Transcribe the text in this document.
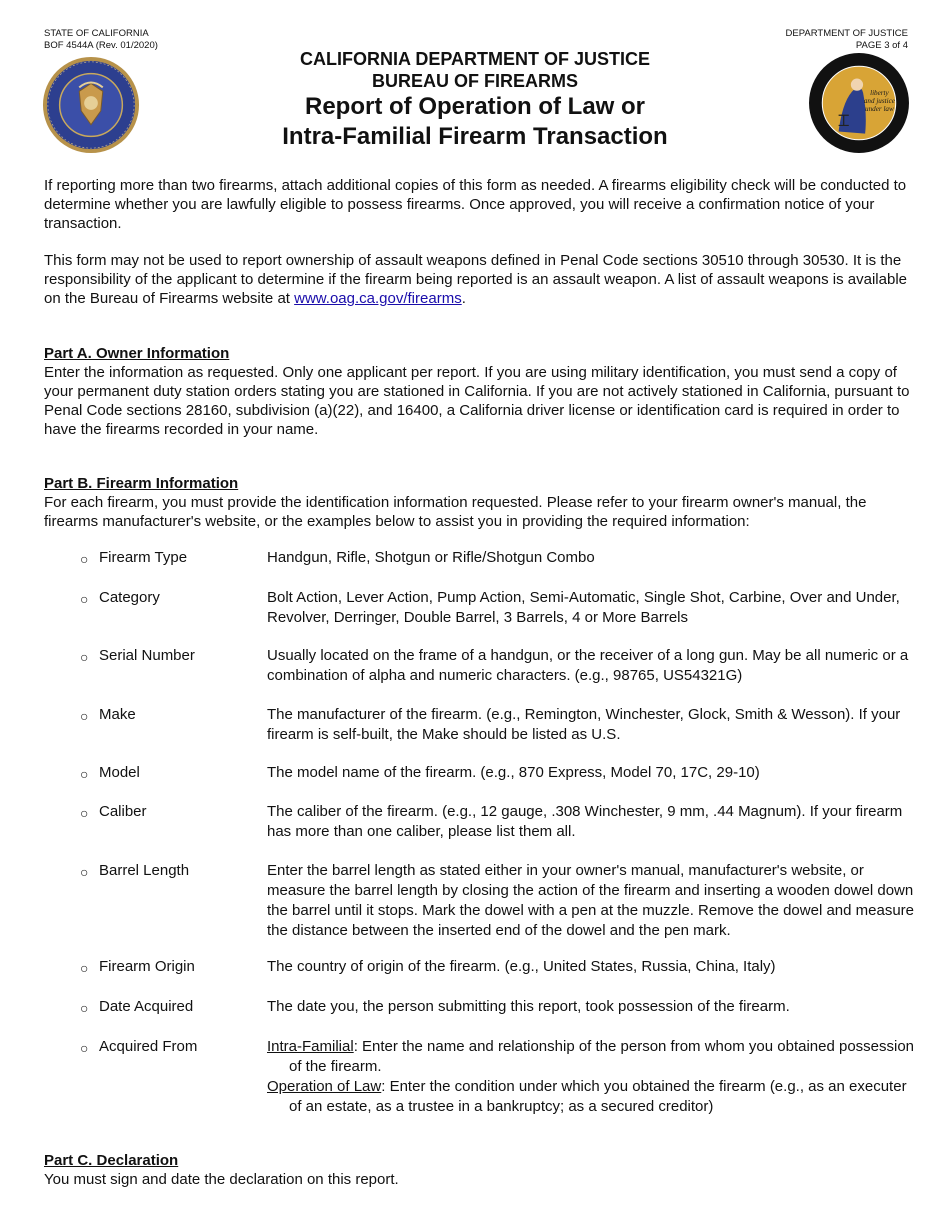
STATE OF CALIFORNIA
BOF 4544A (Rev. 01/2020)
DEPARTMENT OF JUSTICE
PAGE 3 of 4
CALIFORNIA DEPARTMENT OF JUSTICE
BUREAU OF FIREARMS
Report of Operation of Law or
Intra-Familial Firearm Transaction
liberty
and justice
under law

If reporting more than two firearms, attach additional copies of this form as needed. A firearms eligibility check will be conducted to determine whether you are lawfully eligible to possess firearms. Once approved, you will receive a confirmation notice of your transaction.

This form may not be used to report ownership of assault weapons defined in Penal Code sections 30510 through 30530. It is the responsibility of the applicant to determine if the firearm being reported is an assault weapon. A list of assault weapons is available on the Bureau of Firearms website at www.oag.ca.gov/firearms.

Part A. Owner Information
Enter the information as requested. Only one applicant per report. If you are using military identification, you must send a copy of your permanent duty station orders stating you are stationed in California. If you are not actively stationed in California, pursuant to Penal Code sections 28160, subdivision (a)(22), and 16400, a California driver license or identification card is required in order to have the firearms recorded in your name.
Part B. Firearm Information
For each firearm, you must provide the identification information requested. Please refer to your firearm owner's manual, the firearms manufacturer's website, or the examples below to assist you in providing the required information:
○ Firearm Type	Handgun, Rifle, Shotgun or Rifle/Shotgun Combo
○ Category	Bolt Action, Lever Action, Pump Action, Semi-Automatic, Single Shot, Carbine, Over and Under, Revolver, Derringer, Double Barrel, 3 Barrels, 4 or More Barrels
○ Serial Number	Usually located on the frame of a handgun, or the receiver of a long gun. May be all numeric or a combination of alpha and numeric characters. (e.g., 98765, US54321G)
○ Make	The manufacturer of the firearm. (e.g., Remington, Winchester, Glock, Smith & Wesson). If your firearm is self-built, the Make should be listed as U.S.
○ Model	The model name of the firearm. (e.g., 870 Express, Model 70, 17C, 29-10)
○ Caliber	The caliber of the firearm. (e.g., 12 gauge, .308 Winchester, 9 mm, .44 Magnum). If your firearm has more than one caliber, please list them all.
○ Barrel Length	Enter the barrel length as stated either in your owner's manual, manufacturer's website, or measure the barrel length by closing the action of the firearm and inserting a wooden dowel down the barrel until it stops. Mark the dowel with a pen at the muzzle. Remove the dowel and measure the distance between the inserted end of the dowel and the pen mark.
○ Firearm Origin	The country of origin of the firearm. (e.g., United States, Russia, China, Italy)
○ Date Acquired	The date you, the person submitting this report, took possession of the firearm.
○ Acquired From	Intra-Familial: Enter the name and relationship of the person from whom you obtained possession of the firearm.
Operation of Law: Enter the condition under which you obtained the firearm (e.g., as an executer of an estate, as a trustee in a bankruptcy; as a secured creditor)
Part C. Declaration
You must sign and date the declaration on this report.
